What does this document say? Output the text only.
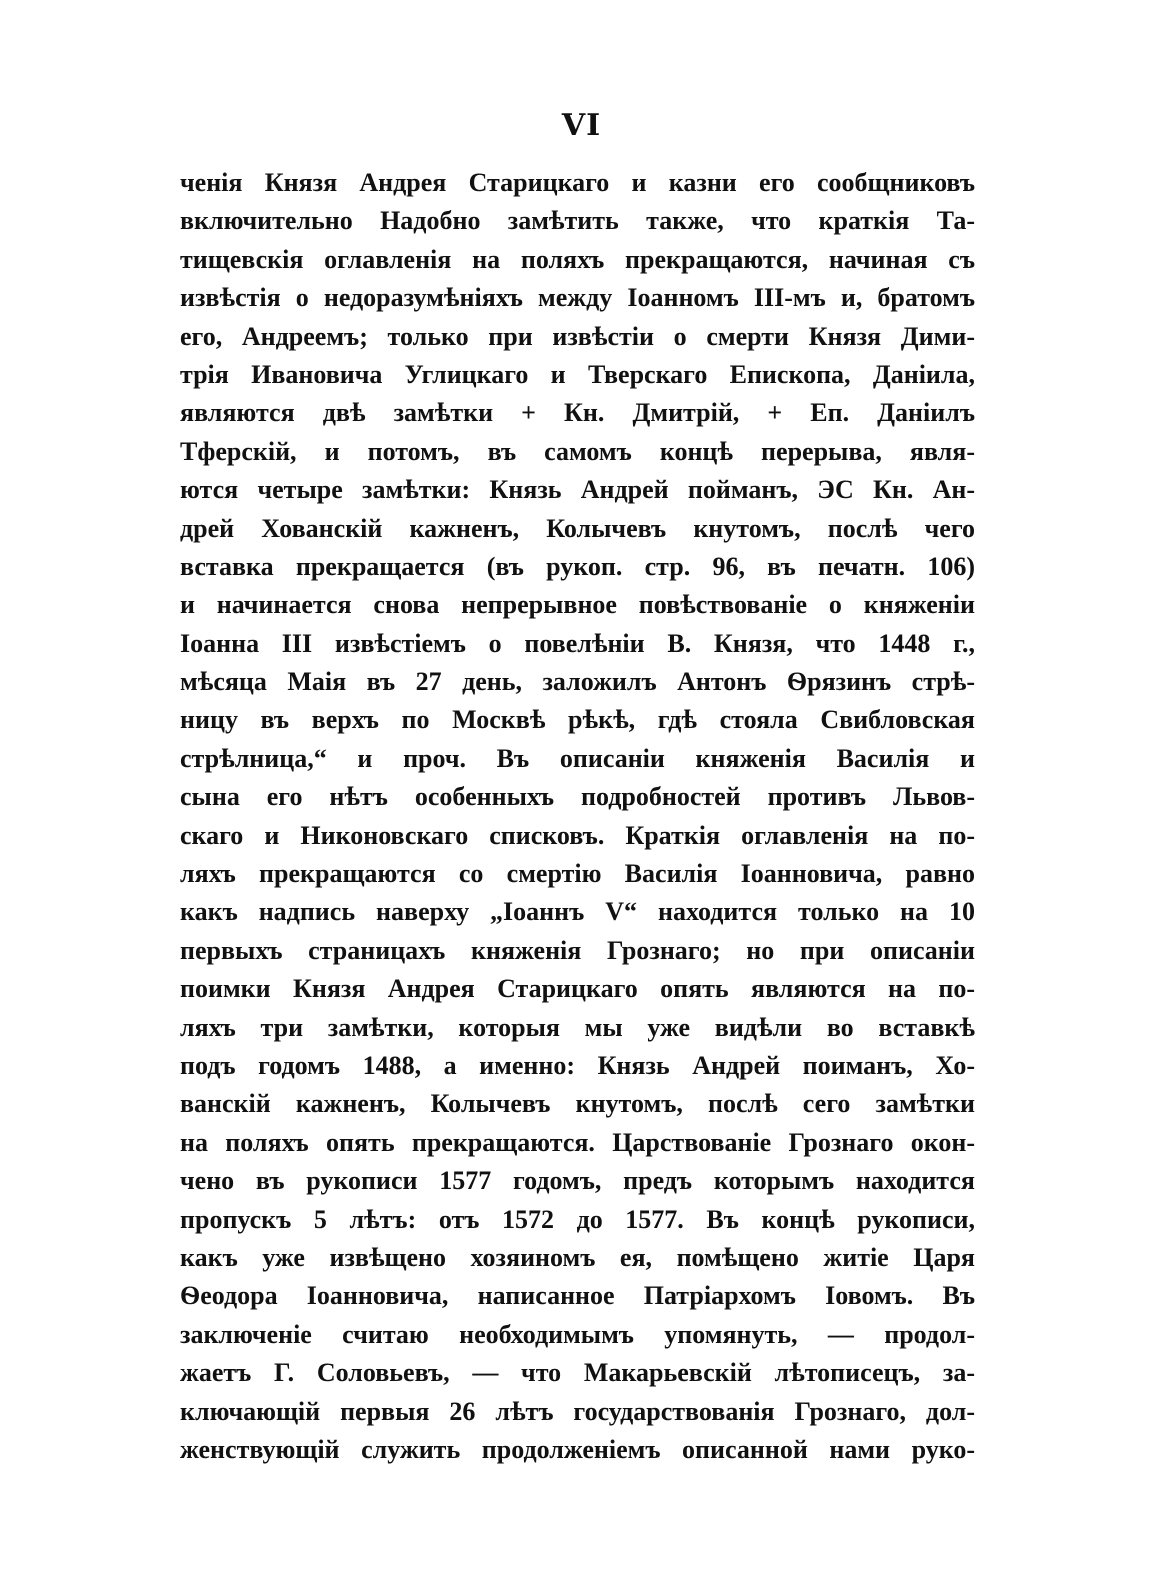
VI
ченія Князя Андрея Старицкаго и казни его сообщниковъ
включительно Надобно замѣтить также, что краткія Та-
тищевскія оглавленія на поляхъ прекращаются, начиная съ
извѣстія о недоразумѣніяхъ между Іоанномъ III-мъ и, братомъ
его, Андреемъ; только при извѣстіи о смерти Князя Дими-
трія Ивановича Углицкаго и Тверскаго Епископа, Даніила,
являются двѣ замѣтки + Кн. Дмитрій, + Еп. Даніилъ
Тферскій, и потомъ, въ самомъ концѣ перерыва, явля-
ются четыре замѣтки: Князь Андрей пойманъ, ЭС Кн. Ан-
дрей Хованскій кажненъ, Колычевъ кнутомъ, послѣ чего
вставка прекращается (въ рукоп. стр. 96, въ печатн. 106)
и начинается снова непрерывное повѣствованіе о княженіи
Іоанна III извѣстіемъ о повелѣніи В. Князя, что 1448 г.,
мѣсяца Маія въ 27 день, заложилъ Антонъ Ѳрязинъ стрѣ-
ницу въ верхъ по Москвѣ рѣкѣ, гдѣ стояла Свибловская
стрѣлница,“ и проч. Въ описаніи княженія Василія и
сына его нѣтъ особенныхъ подробностей противъ Львов-
скаго и Никоновскаго списковъ. Краткія оглавленія на по-
ляхъ прекращаются со смертію Василія Іоанновича, равно
какъ надпись наверху „Іоаннъ V“ находится только на 10
первыхъ страницахъ княженія Грознаго; но при описаніи
поимки Князя Андрея Старицкаго опять являются на по-
ляхъ три замѣтки, которыя мы уже видѣли во вставкѣ
подъ годомъ 1488, а именно: Князь Андрей поиманъ, Хо-
ванскій кажненъ, Колычевъ кнутомъ, послѣ сего замѣтки
на поляхъ опять прекращаются. Царствованіе Грознаго окон-
чено въ рукописи 1577 годомъ, предъ которымъ находится
пропускъ 5 лѣтъ: отъ 1572 до 1577. Въ концѣ рукописи,
какъ уже извѣщено хозяиномъ ея, помѣщено житіе Царя
Ѳеодора Іоанновича, написанное Патріархомъ Іовомъ. Въ
заключеніе считаю необходимымъ упомянуть, — продол-
жаетъ Г. Соловьевъ, — что Макарьевскій лѣтописецъ, за-
ключающій первыя 26 лѣтъ государствованія Грознаго, дол-
женствующій служить продолженіемъ описанной нами руко-
